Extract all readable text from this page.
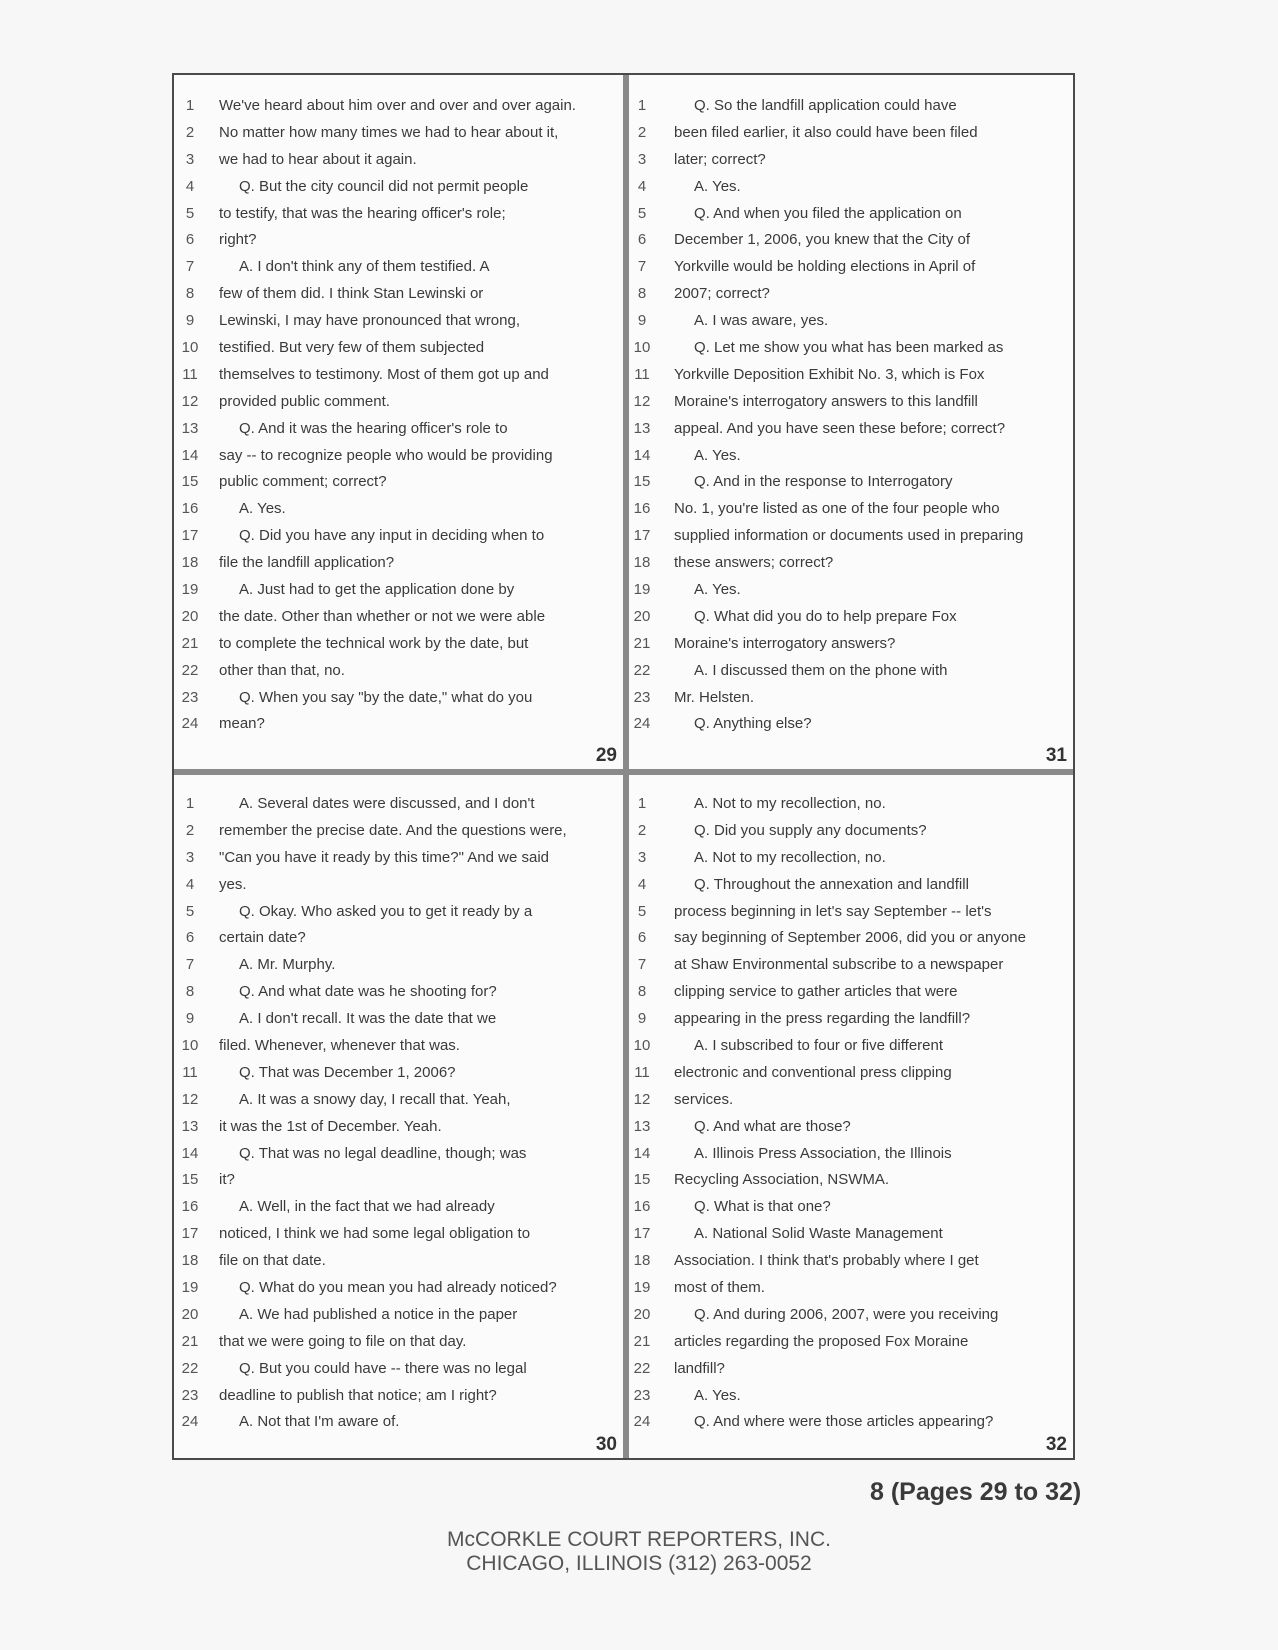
1	We've heard about him over and over and over again.
2	No matter how many times we had to hear about it,
3	we had to hear about it again.
4	Q. But the city council did not permit people
5	to testify, that was the hearing officer's role;
6	right?
7	A. I don't think any of them testified. A
8	few of them did. I think Stan Lewinski or
9	Lewinski, I may have pronounced that wrong,
10	testified. But very few of them subjected
11	themselves to testimony. Most of them got up and
12	provided public comment.
13	Q. And it was the hearing officer's role to
14	say -- to recognize people who would be providing
15	public comment; correct?
16	A. Yes.
17	Q. Did you have any input in deciding when to
18	file the landfill application?
19	A. Just had to get the application done by
20	the date. Other than whether or not we were able
21	to complete the technical work by the date, but
22	other than that, no.
23	Q. When you say "by the date," what do you
24	mean?
29
1	Q. So the landfill application could have
2	been filed earlier, it also could have been filed
3	later; correct?
4	A. Yes.
5	Q. And when you filed the application on
6	December 1, 2006, you knew that the City of
7	Yorkville would be holding elections in April of
8	2007; correct?
9	A. I was aware, yes.
10	Q. Let me show you what has been marked as
11	Yorkville Deposition Exhibit No. 3, which is Fox
12	Moraine's interrogatory answers to this landfill
13	appeal. And you have seen these before; correct?
14	A. Yes.
15	Q. And in the response to Interrogatory
16	No. 1, you're listed as one of the four people who
17	supplied information or documents used in preparing
18	these answers; correct?
19	A. Yes.
20	Q. What did you do to help prepare Fox
21	Moraine's interrogatory answers?
22	A. I discussed them on the phone with
23	Mr. Helsten.
24	Q. Anything else?
31
1	A. Several dates were discussed, and I don't
2	remember the precise date. And the questions were,
3	"Can you have it ready by this time?" And we said
4	yes.
5	Q. Okay. Who asked you to get it ready by a
6	certain date?
7	A. Mr. Murphy.
8	Q. And what date was he shooting for?
9	A. I don't recall. It was the date that we
10	filed. Whenever, whenever that was.
11	Q. That was December 1, 2006?
12	A. It was a snowy day, I recall that. Yeah,
13	it was the 1st of December. Yeah.
14	Q. That was no legal deadline, though; was
15	it?
16	A. Well, in the fact that we had already
17	noticed, I think we had some legal obligation to
18	file on that date.
19	Q. What do you mean you had already noticed?
20	A. We had published a notice in the paper
21	that we were going to file on that day.
22	Q. But you could have -- there was no legal
23	deadline to publish that notice; am I right?
24	A. Not that I'm aware of.
30
1	A. Not to my recollection, no.
2	Q. Did you supply any documents?
3	A. Not to my recollection, no.
4	Q. Throughout the annexation and landfill
5	process beginning in let's say September -- let's
6	say beginning of September 2006, did you or anyone
7	at Shaw Environmental subscribe to a newspaper
8	clipping service to gather articles that were
9	appearing in the press regarding the landfill?
10	A. I subscribed to four or five different
11	electronic and conventional press clipping
12	services.
13	Q. And what are those?
14	A. Illinois Press Association, the Illinois
15	Recycling Association, NSWMA.
16	Q. What is that one?
17	A. National Solid Waste Management
18	Association. I think that's probably where I get
19	most of them.
20	Q. And during 2006, 2007, were you receiving
21	articles regarding the proposed Fox Moraine
22	landfill?
23	A. Yes.
24	Q. And where were those articles appearing?
32
8 (Pages 29 to 32)
McCORKLE COURT REPORTERS, INC.
CHICAGO, ILLINOIS (312) 263-0052
